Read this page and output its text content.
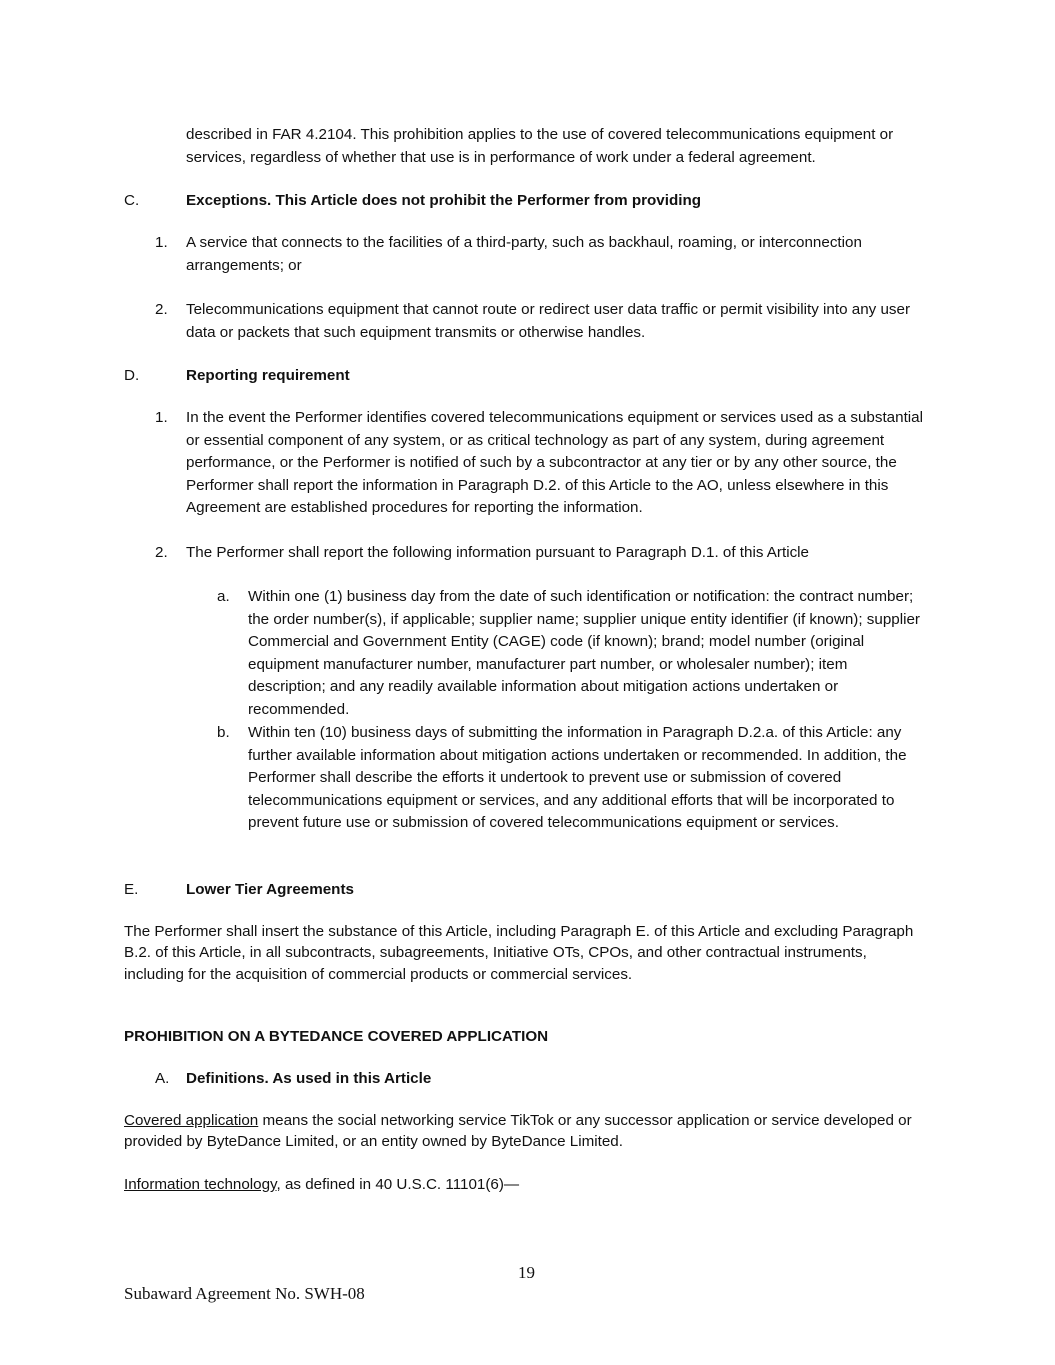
described in FAR 4.2104. This prohibition applies to the use of covered telecommunications equipment or services, regardless of whether that use is in performance of work under a federal agreement.

C.	Exceptions. This Article does not prohibit the Performer from providing
1. A service that connects to the facilities of a third-party, such as backhaul, roaming, or interconnection arrangements; or

2. Telecommunications equipment that cannot route or redirect user data traffic or permit visibility into any user data or packets that such equipment transmits or otherwise handles.

D.	Reporting requirement
1. In the event the Performer identifies covered telecommunications equipment or services used as a substantial or essential component of any system, or as critical technology as part of any system, during agreement performance, or the Performer is notified of such by a subcontractor at any tier or by any other source, the Performer shall report the information in Paragraph D.2. of this Article to the AO, unless elsewhere in this Agreement are established procedures for reporting the information.

2. The Performer shall report the following information pursuant to Paragraph D.1. of this Article

a. Within one (1) business day from the date of such identification or notification: the contract number; the order number(s), if applicable; supplier name; supplier unique entity identifier (if known); supplier Commercial and Government Entity (CAGE) code (if known); brand; model number (original equipment manufacturer number, manufacturer part number, or wholesaler number); item description; and any readily available information about mitigation actions undertaken or recommended.

b. Within ten (10) business days of submitting the information in Paragraph D.2.a. of this Article: any further available information about mitigation actions undertaken or recommended. In addition, the Performer shall describe the efforts it undertook to prevent use or submission of covered telecommunications equipment or services, and any additional efforts that will be incorporated to prevent future use or submission of covered telecommunications equipment or services.

E.	Lower Tier Agreements

The Performer shall insert the substance of this Article, including Paragraph E. of this Article and excluding Paragraph B.2. of this Article, in all subcontracts, subagreements, Initiative OTs, CPOs, and other contractual instruments, including for the acquisition of commercial products or commercial services.

PROHIBITION ON A BYTEDANCE COVERED APPLICATION
A. Definitions. As used in this Article

Covered application means the social networking service TikTok or any successor application or service developed or provided by ByteDance Limited, or an entity owned by ByteDance Limited.

Information technology, as defined in 40 U.S.C. 11101(6)—

19
Subaward Agreement No. SWH-08
